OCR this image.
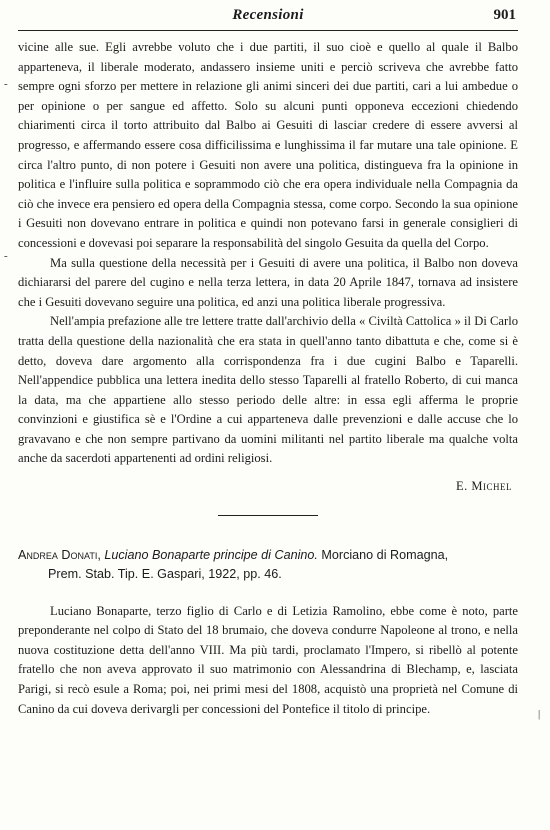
Recensioni	901

vicine alle sue. Egli avrebbe voluto che i due partiti, il suo cioè e quello al quale il Balbo apparteneva, il liberale moderato, andassero insieme uniti e perciò scriveva che avrebbe fatto sempre ogni sforzo per mettere in relazione gli animi sinceri dei due partiti, cari a lui ambedue o per opinione o per sangue ed affetto. Solo su alcuni punti opponeva eccezioni chiedendo chiarimenti circa il torto attribuito dal Balbo ai Gesuiti di lasciar credere di essere avversi al progresso, e affermando essere cosa difficilissima e lunghissima il far mutare una tale opinione. E circa l'altro punto, di non potere i Gesuiti non avere una politica, distingueva fra la opinione in politica e l'influire sulla politica e soprammodo ciò che era opera individuale nella Compagnia da ciò che invece era pensiero ed opera della Compagnia stessa, come corpo. Secondo la sua opinione i Gesuiti non dovevano entrare in politica e quindi non potevano farsi in generale consiglieri di concessioni e dovevasi poi separare la responsabilità del singolo Gesuita da quella del Corpo.

Ma sulla questione della necessità per i Gesuiti di avere una politica, il Balbo non doveva dichiararsi del parere del cugino e nella terza lettera, in data 20 Aprile 1847, tornava ad insistere che i Gesuiti dovevano seguire una politica, ed anzi una politica liberale progressiva.

Nell'ampia prefazione alle tre lettere tratte dall'archivio della « Civiltà Cattolica » il Di Carlo tratta della questione della nazionalità che era stata in quell'anno tanto dibattuta e che, come si è detto, doveva dare argomento alla corrispondenza fra i due cugini Balbo e Taparelli. Nell'appendice pubblica una lettera inedita dello stesso Taparelli al fratello Roberto, di cui manca la data, ma che appartiene allo stesso periodo delle altre: in essa egli afferma le proprie convinzioni e giustifica sè e l'Ordine a cui apparteneva dalle prevenzioni e dalle accuse che lo gravavano e che non sempre partivano da uomini militanti nel partito liberale ma qualche volta anche da sacerdoti appartenenti ad ordini religiosi.

E. Michel
Andrea Donati, Luciano Bonaparte principe di Canino. Morciano di Romagna,
Prem. Stab. Tip. E. Gaspari, 1922, pp. 46.

Luciano Bonaparte, terzo figlio di Carlo e di Letizia Ramolino, ebbe come è noto, parte preponderante nel colpo di Stato del 18 brumaio, che doveva condurre Napoleone al trono, e nella nuova costituzione detta dell'anno VIII. Ma più tardi, proclamato l'Impero, si ribellò al potente fratello che non aveva approvato il suo matrimonio con Alessandrina di Blechamp, e, lasciata Parigi, si recò esule a Roma; poi, nei primi mesi del 1808, acquistò una proprietà nel Comune di Canino da cui doveva derivargli per concessioni del Pontefice il titolo di principe.

-
-
|
